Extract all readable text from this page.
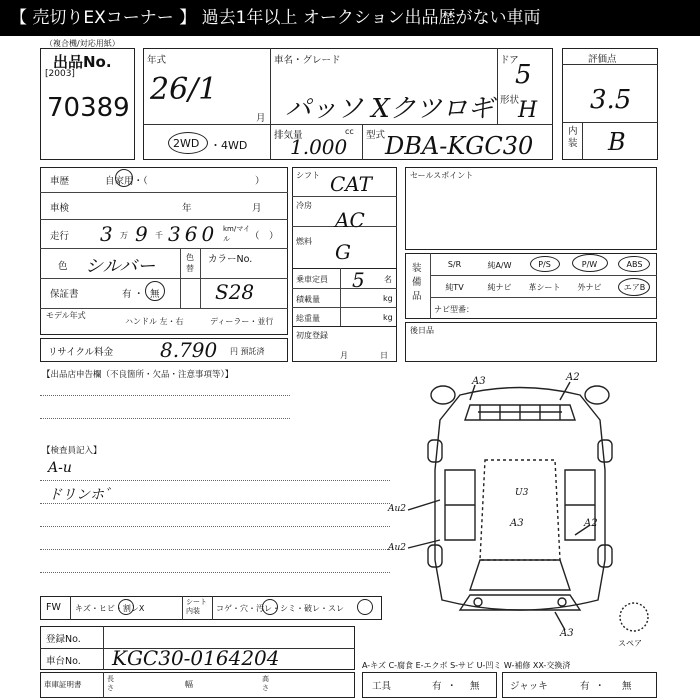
【 売切りEXコーナー 】 過去1年以上 オークション出品歴がない車両
（複合機/対応用紙）
出品No.
[2003]
70389
年式
26/1
月
車名・グレード
パッソ Xクツロギ
ドア
5
形状
H
2WD ・4WD
排気量	cc
1.000 型式 DBA-KGC30
評価点
3.5
内装 B
車歴	自家用・（	）
車検	年	月
走行 3 万 9 千 360 km/マイル	（　）
色 シルバー	色替
カラーNo.
S28
保証書	有 ・ 無
モデル年式
ハンドル 左・右	ディーラー・並行
リサイクル料金 8.790 円 預託済
シフト CAT
冷房
AC
燃料 G
乗車定員 5 名
積載量	kg
総重量	kg
初度登録
月	日
セールスポイント
装備品
S/R	純A/W	P/S	P/W	ABS
純TV	純ナビ	革シート	外ナビ	エアB
ナビ型番：
後日品
【出品店申告欄（不良箇所・欠品・注意事項等）】
【検査員記入】
A-u
ドリンホ゛
A3	A2
Au2
U3
A3	A2
Au2
A3
スペア
FW キズ・ヒビ・割レX
シート内装	コゲ・穴・汚レ・シミ・破レ・スレ
登録No.
車台No. KGC30-0164204	A-キズ C-腐食 E-エクボ S-サビ U-凹ミ W-補修 XX-交換済
車庫証明書
長さ	幅
高さ	工具	有 ・ 無	ジャッキ	有 ・ 無
